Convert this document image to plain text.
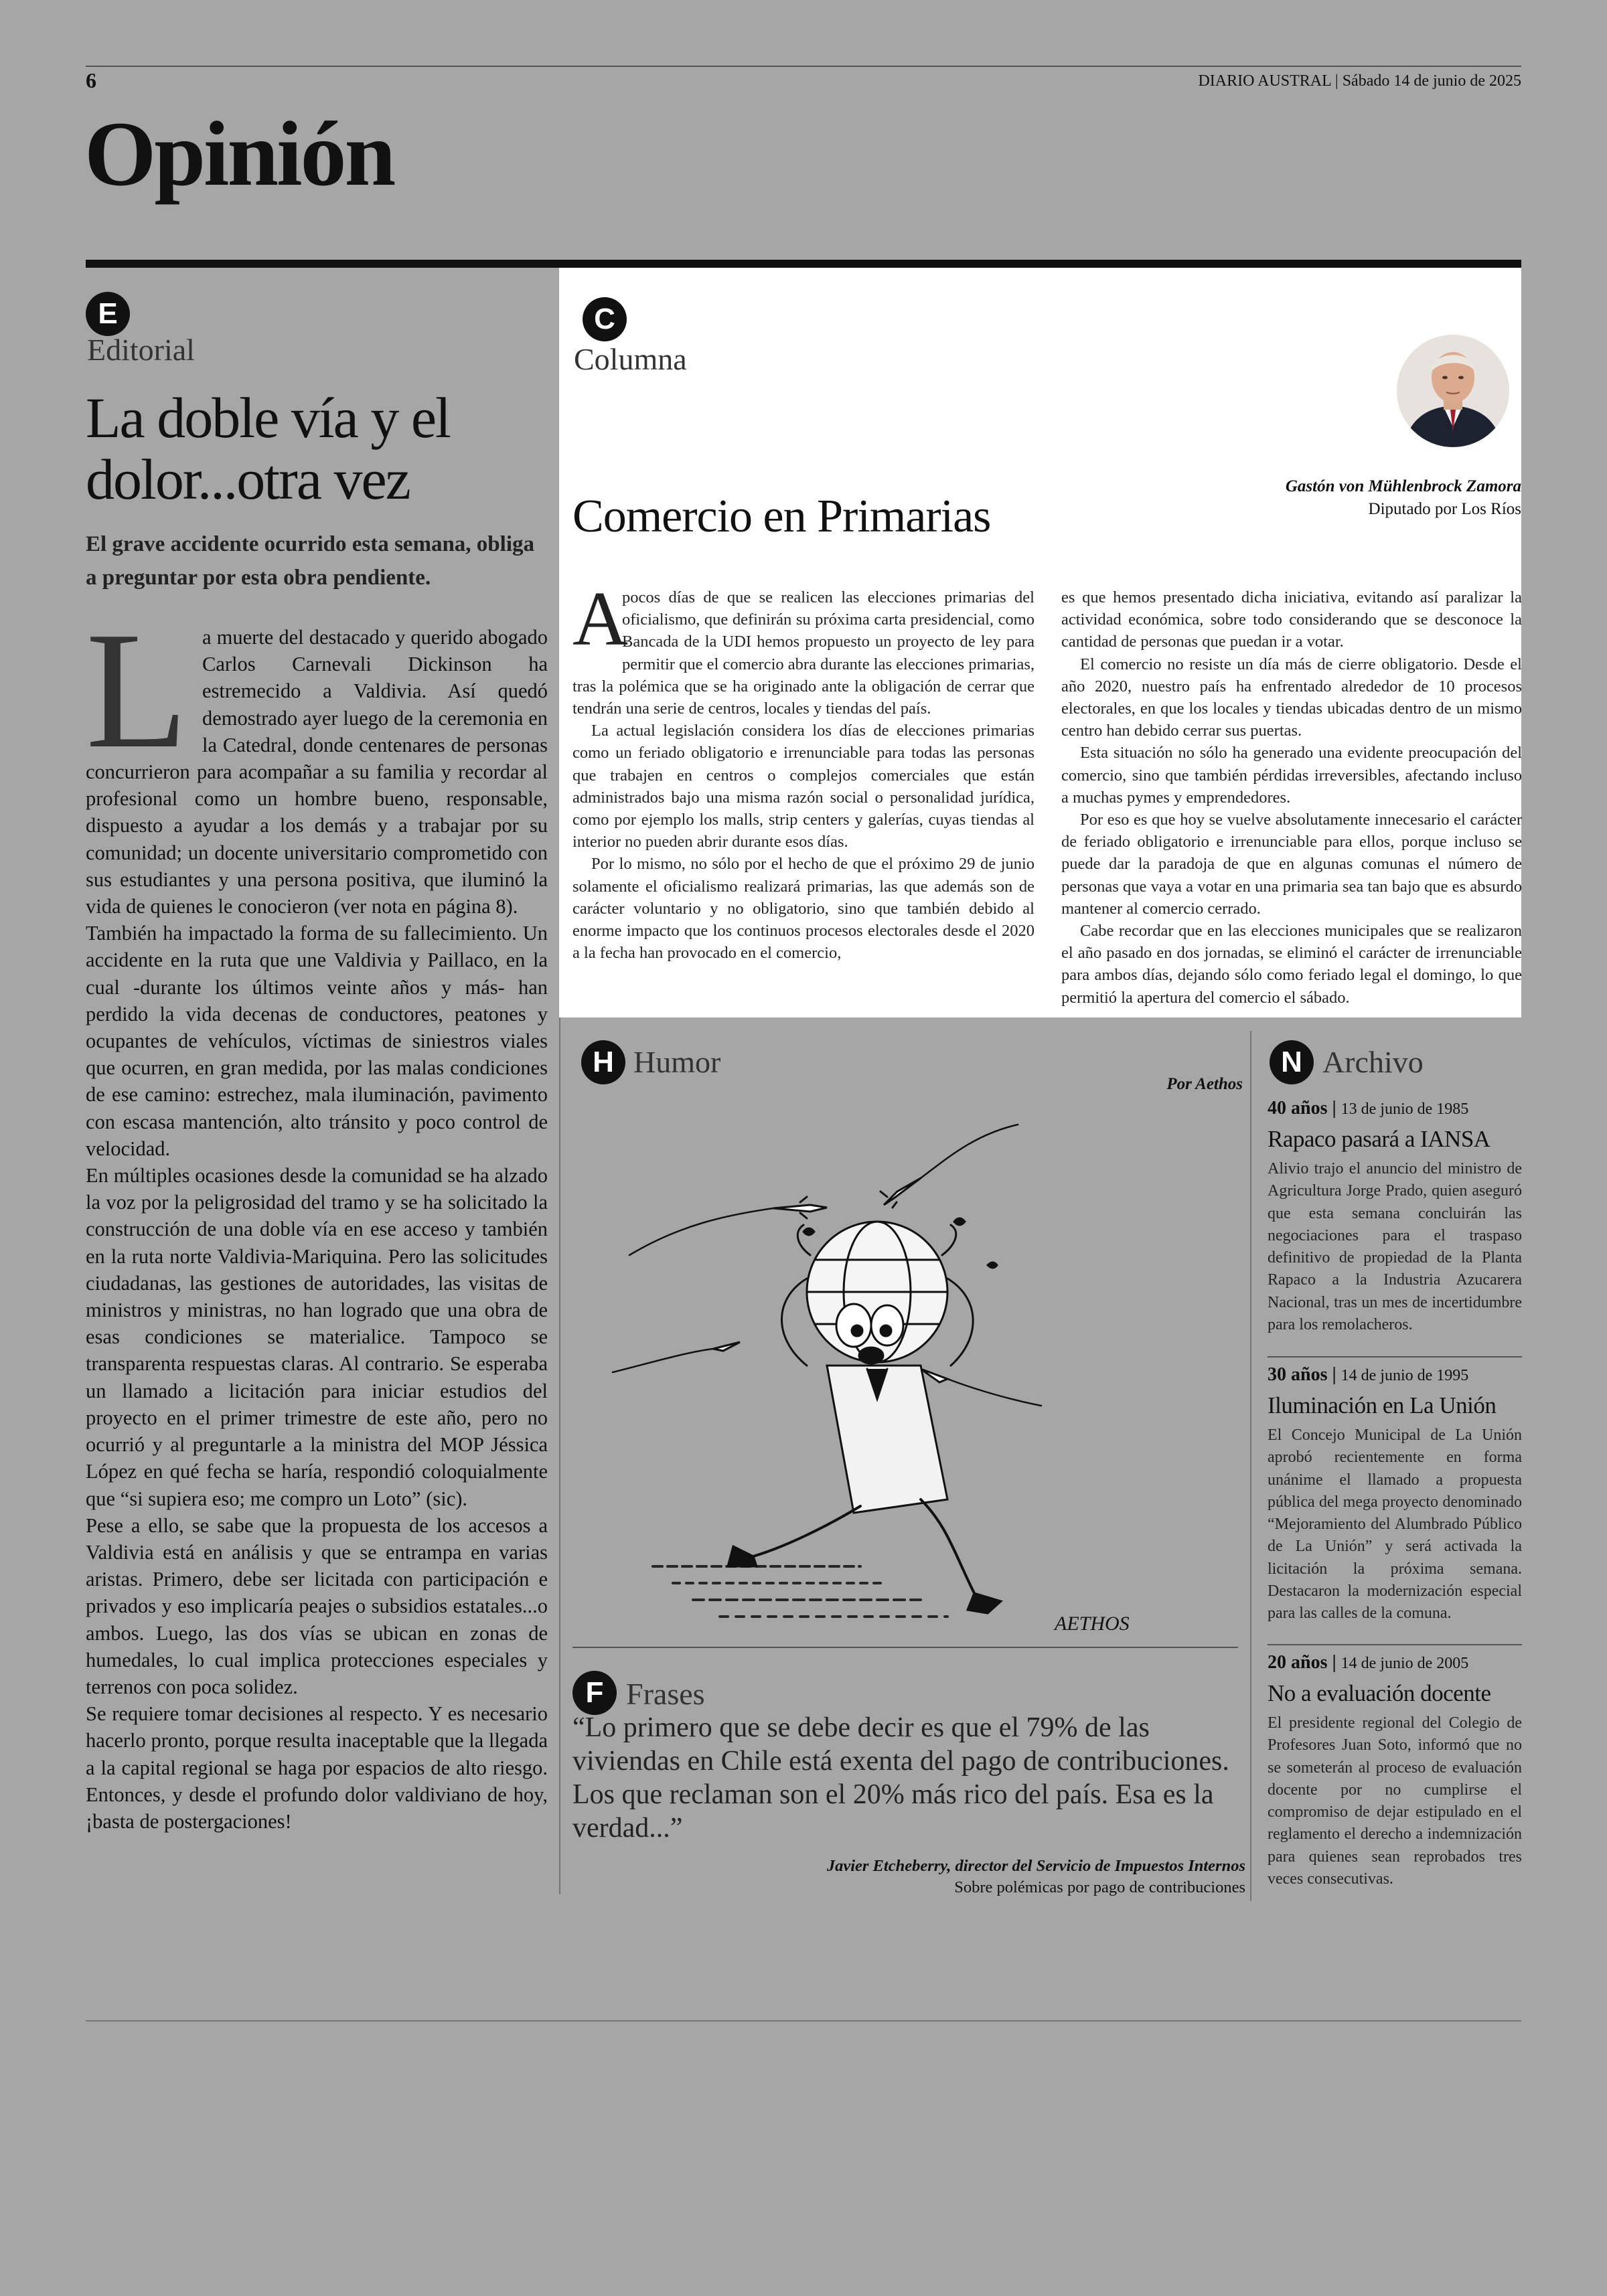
6	DIARIO AUSTRAL | Sábado 14 de junio de 2025
Opinión
E
Editorial
La doble vía y el
dolor...otra vez
El grave accidente ocurrido esta semana, obliga a preguntar por esta obra pendiente.

La muerte del destacado y querido abogado Carlos Carnevali Dickinson ha estremecido a Valdivia. Así quedó demostrado ayer luego de la ceremonia en la Catedral, donde centenares de personas concurrieron para acompañar a su familia y recordar al profesional como un hombre bueno, responsable, dispuesto a ayudar a los demás y a trabajar por su comunidad; un docente universitario comprometido con sus estudiantes y una persona positiva, que iluminó la vida de quienes le conocieron (ver nota en página 8).

También ha impactado la forma de su fallecimiento. Un accidente en la ruta que une Valdivia y Paillaco, en la cual -durante los últimos veinte años y más- han perdido la vida decenas de conductores, peatones y ocupantes de vehículos, víctimas de siniestros viales que ocurren, en gran medida, por las malas condiciones de ese camino: estrechez, mala iluminación, pavimento con escasa mantención, alto tránsito y poco control de velocidad.

En múltiples ocasiones desde la comunidad se ha alzado la voz por la peligrosidad del tramo y se ha solicitado la construcción de una doble vía en ese acceso y también en la ruta norte Valdivia-Mariquina. Pero las solicitudes ciudadanas, las gestiones de autoridades, las visitas de ministros y ministras, no han logrado que una obra de esas condiciones se materialice. Tampoco se transparenta respuestas claras. Al contrario. Se esperaba un llamado a licitación para iniciar estudios del proyecto en el primer trimestre de este año, pero no ocurrió y al preguntarle a la ministra del MOP Jéssica López en qué fecha se haría, respondió coloquialmente que “si supiera eso; me compro un Loto” (sic).

Pese a ello, se sabe que la propuesta de los accesos a Valdivia está en análisis y que se entrampa en varias aristas. Primero, debe ser licitada con participación e privados y eso implicaría peajes o subsidios estatales...o ambos. Luego, las dos vías se ubican en zonas de humedales, lo cual implica protecciones especiales y terrenos con poca solidez.

Se requiere tomar decisiones al respecto. Y es necesario hacerlo pronto, porque resulta inaceptable que la llegada a la capital regional se haga por espacios de alto riesgo. Entonces, y desde el profundo dolor valdiviano de hoy, ¡basta de postergaciones!

C
Columna
Gastón von Mühlenbrock Zamora
Diputado por Los Ríos
Comercio en Primarias

A
pocos días de que se realicen las elecciones primarias del oficialismo, que definirán su próxima carta presidencial, como Bancada de la UDI hemos propuesto un proyecto de ley para permitir que el comercio abra durante las elecciones primarias, tras la polémica que se ha originado ante la obligación de cerrar que tendrán una serie de centros, locales y tiendas del país.

La actual legislación considera los días de elecciones primarias como un feriado obligatorio e irrenunciable para todas las personas que trabajen en centros o complejos comerciales que están administrados bajo una misma razón social o personalidad jurídica, como por ejemplo los malls, strip centers y galerías, cuyas tiendas al interior no pueden abrir durante esos días.

Por lo mismo, no sólo por el hecho de que el próximo 29 de junio solamente el oficialismo realizará primarias, las que además son de carácter voluntario y no obligatorio, sino que también debido al enorme impacto que los continuos procesos electorales desde el 2020 a la fecha han provocado en el comercio,

es que hemos presentado dicha iniciativa, evitando así paralizar la actividad económica, sobre todo considerando que se desconoce la cantidad de personas que puedan ir a votar.

El comercio no resiste un día más de cierre obligatorio. Desde el año 2020, nuestro país ha enfrentado alrededor de 10 procesos electorales, en que los locales y tiendas ubicadas dentro de un mismo centro han debido cerrar sus puertas.

Esta situación no sólo ha generado una evidente preocupación del comercio, sino que también pérdidas irreversibles, afectando incluso a muchas pymes y emprendedores.

Por eso es que hoy se vuelve absolutamente innecesario el carácter de feriado obligatorio e irrenunciable para ellos, porque incluso se puede dar la paradoja de que en algunas comunas el número de personas que vaya a votar en una primaria sea tan bajo que es absurdo mantener al comercio cerrado.

Cabe recordar que en las elecciones municipales que se realizaron el año pasado en dos jornadas, se eliminó el carácter de irrenunciable para ambos días, dejando sólo como feriado legal el domingo, lo que permitió la apertura del comercio el sábado.

H Humor
Por Aethos
AETHOS
F Frases
“Lo primero que se debe decir es que el 79% de las viviendas en Chile está exenta del pago de contribuciones. Los que reclaman son el 20% más rico del país. Esa es la verdad...”
Javier Etcheberry, director del Servicio de Impuestos Internos
Sobre polémicas por pago de contribuciones
N Archivo
40 años | 13 de junio de 1985
Rapaco pasará a IANSA
Alivio trajo el anuncio del ministro de Agricultura Jorge Prado, quien aseguró que esta semana concluirán las negociaciones para el traspaso definitivo de propiedad de la Planta Rapaco a la Industria Azucarera Nacional, tras un mes de incertidumbre para los remolacheros.
30 años | 14 de junio de 1995
Iluminación en La Unión
El Concejo Municipal de La Unión aprobó recientemente en forma unánime el llamado a propuesta pública del mega proyecto denominado “Mejoramiento del Alumbrado Público de La Unión” y será activada la licitación la próxima semana. Destacaron la modernización especial para las calles de la comuna.
20 años | 14 de junio de 2005
No a evaluación docente
El presidente regional del Colegio de Profesores Juan Soto, informó que no se someterán al proceso de evaluación docente por no cumplirse el compromiso de dejar estipulado en el reglamento el derecho a indemnización para quienes sean reprobados tres veces consecutivas.
